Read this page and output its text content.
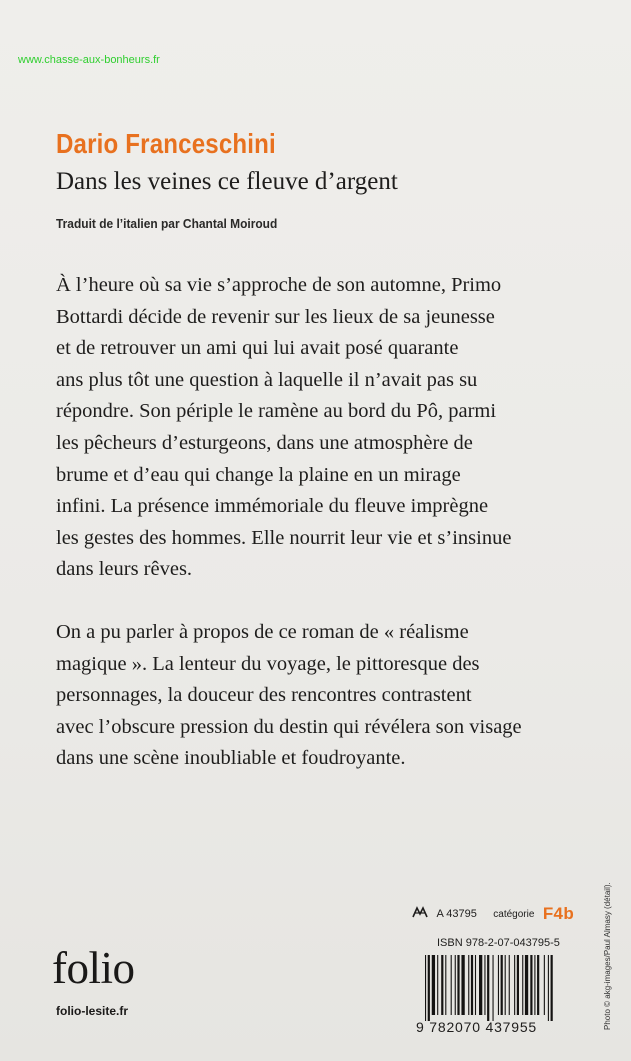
www.chasse-aux-bonheurs.fr
Dario Franceschini
Dans les veines ce fleuve d’argent
Traduit de l’italien par Chantal Moiroud
À l’heure où sa vie s’approche de son automne, Primo
Bottardi décide de revenir sur les lieux de sa jeunesse
et de retrouver un ami qui lui avait posé quarante
ans plus tôt une question à laquelle il n’avait pas su
répondre. Son périple le ramène au bord du Pô, parmi
les pêcheurs d’esturgeons, dans une atmosphère de
brume et d’eau qui change la plaine en un mirage
infini. La présence immémoriale du fleuve imprègne
les gestes des hommes. Elle nourrit leur vie et s’insinue
dans leurs rêves.
On a pu parler à propos de ce roman de « réalisme
magique ». La lenteur du voyage, le pittoresque des
personnages, la douceur des rencontres contrastent
avec l’obscure pression du destin qui révélera son visage
dans une scène inoubliable et foudroyante.
A 43795 catégorie F4b
ISBN 978-2-07-043795-5
9 782070 437955	Photo © akg-images/Paul Almasy (détail).
folio
folio-lesite.fr
